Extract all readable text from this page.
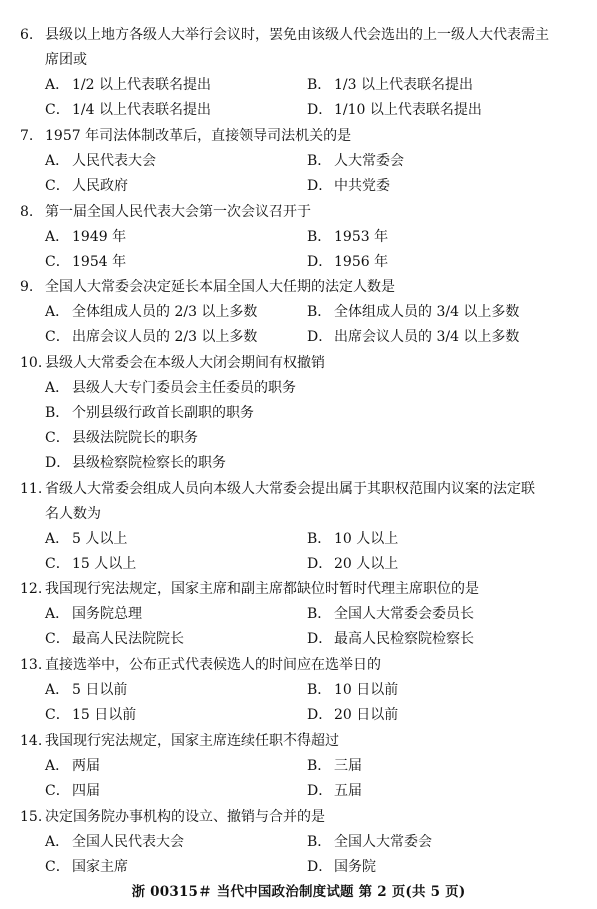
6. 县级以上地方各级人大举行会议时，罢免由该级人代会选出的上一级人大代表需主
席团或
A． 1/2 以上代表联名提出	B． 1/3 以上代表联名提出
C． 1/4 以上代表联名提出	D． 1/10 以上代表联名提出
7. 1957 年司法体制改革后，直接领导司法机关的是
A． 人民代表大会	B． 人大常委会
C． 人民政府	D． 中共党委
8. 第一届全国人民代表大会第一次会议召开于
A． 1949 年	B． 1953 年
C． 1954 年	D． 1956 年
9. 全国人大常委会决定延长本届全国人大任期的法定人数是
A． 全体组成人员的 2/3 以上多数	B． 全体组成人员的 3/4 以上多数
C． 出席会议人员的 2/3 以上多数	D． 出席会议人员的 3/4 以上多数
10. 县级人大常委会在本级人大闭会期间有权撤销
A． 县级人大专门委员会主任委员的职务
B． 个别县级行政首长副职的职务
C． 县级法院院长的职务
D． 县级检察院检察长的职务
11. 省级人大常委会组成人员向本级人大常委会提出属于其职权范围内议案的法定联
名人数为
A． 5 人以上	B． 10 人以上
C． 15 人以上	D． 20 人以上
12. 我国现行宪法规定，国家主席和副主席都缺位时暂时代理主席职位的是
A． 国务院总理	B． 全国人大常委会委员长
C． 最高人民法院院长	D． 最高人民检察院检察长
13. 直接选举中，公布正式代表候选人的时间应在选举日的
A． 5 日以前	B． 10 日以前
C． 15 日以前	D． 20 日以前
14. 我国现行宪法规定，国家主席连续任职不得超过
A． 两届	B． 三届
C． 四届	D． 五届
15. 决定国务院办事机构的设立、撤销与合并的是
A． 全国人民代表大会	B． 全国人大常委会
C． 国家主席	D． 国务院
浙 00315＃ 当代中国政治制度试题 第 2 页(共 5 页)
